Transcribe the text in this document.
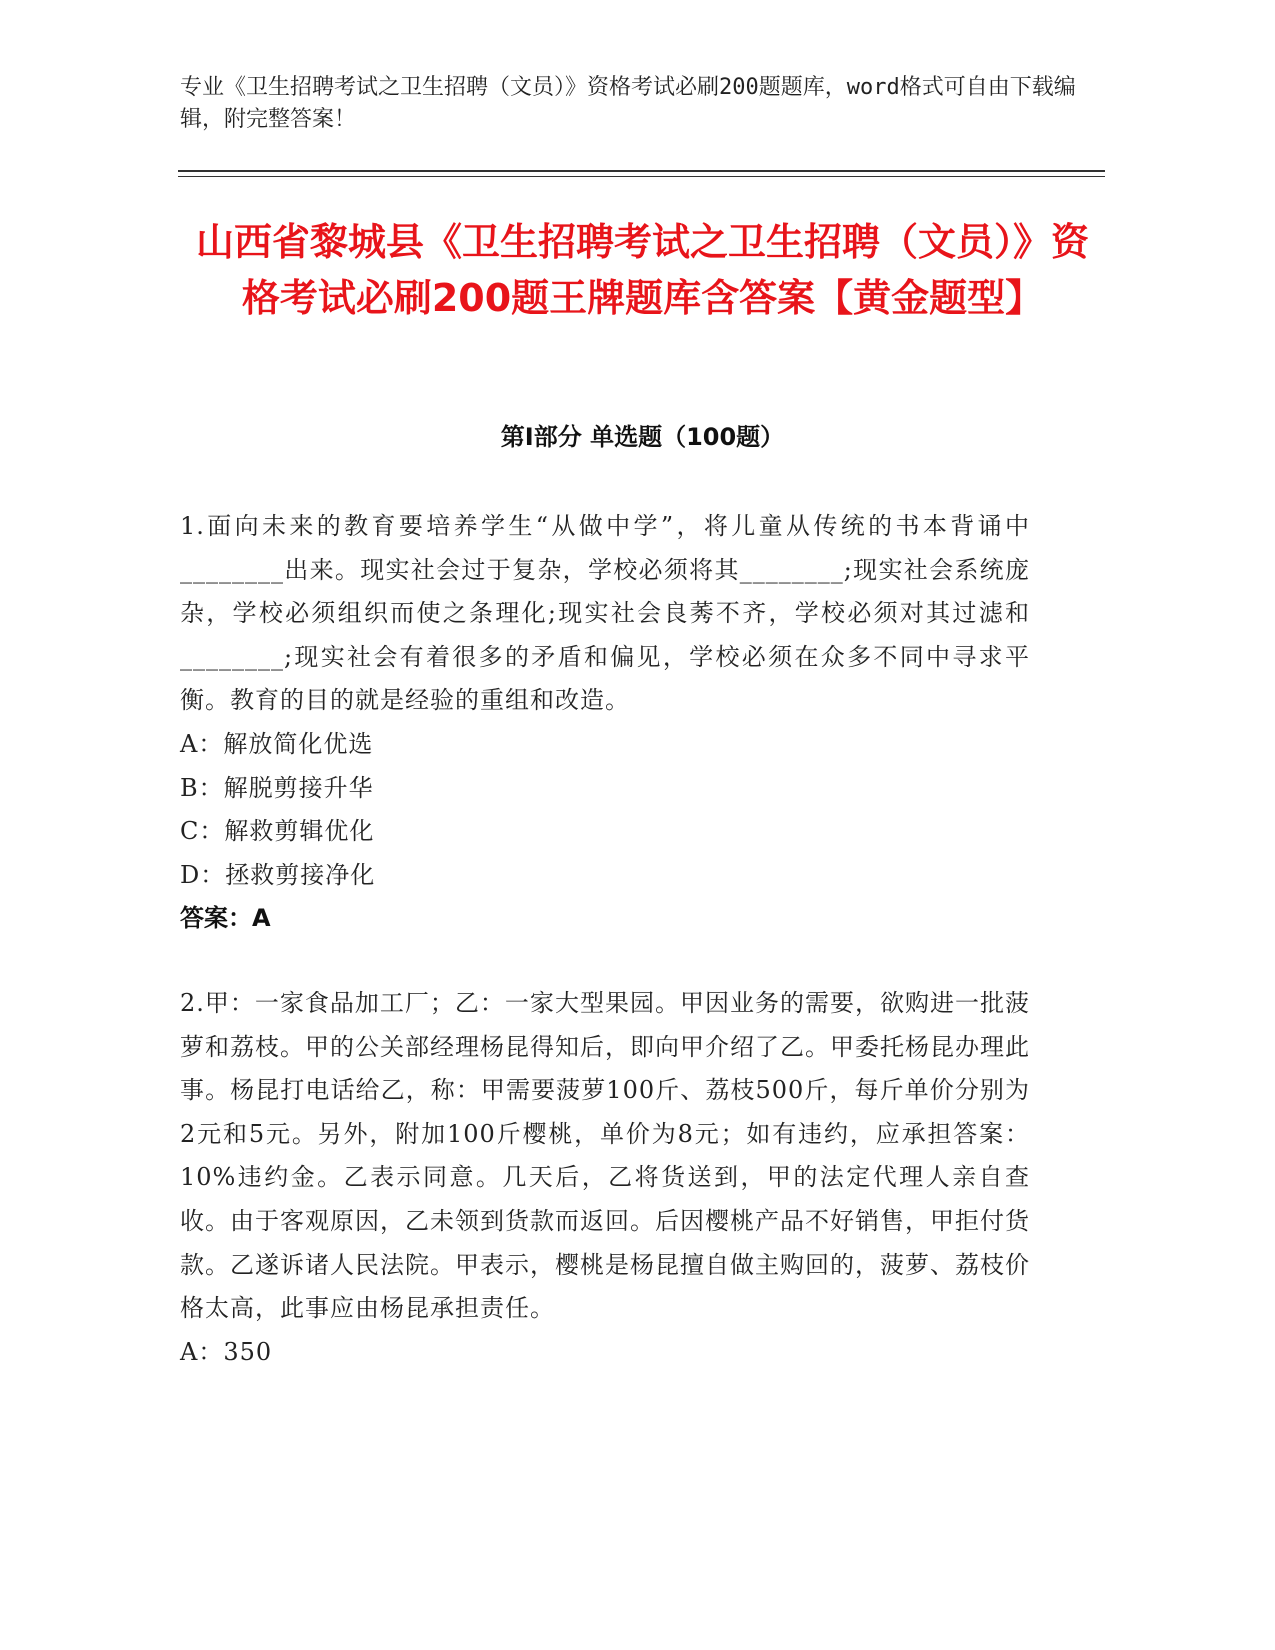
专业《卫生招聘考试之卫生招聘（文员）》资格考试必刷200题题库，word格式可自由下载编辑，附完整答案！
山西省黎城县《卫生招聘考试之卫生招聘（文员）》资格考试必刷200题王牌题库含答案【黄金题型】
第Ⅰ部分 单选题（100题）
1.面向未来的教育要培养学生“从做中学”，将儿童从传统的书本背诵中________出来。现实社会过于复杂，学校必须将其________;现实社会系统庞杂，学校必须组织而使之条理化;现实社会良莠不齐，学校必须对其过滤和________;现实社会有着很多的矛盾和偏见，学校必须在众多不同中寻求平衡。教育的目的就是经验的重组和改造。
A：解放简化优选
B：解脱剪接升华
C：解救剪辑优化
D：拯救剪接净化
答案：A
2.甲：一家食品加工厂；乙：一家大型果园。甲因业务的需要，欲购进一批菠萝和荔枝。甲的公关部经理杨昆得知后，即向甲介绍了乙。甲委托杨昆办理此事。杨昆打电话给乙，称：甲需要菠萝100斤、荔枝500斤，每斤单价分别为2元和5元。另外，附加100斤樱桃，单价为8元；如有违约，应承担答案：10%违约金。乙表示同意。几天后，乙将货送到，甲的法定代理人亲自查收。由于客观原因，乙未领到货款而返回。后因樱桃产品不好销售，甲拒付货款。乙遂诉诸人民法院。甲表示，樱桃是杨昆擅自做主购回的，菠萝、荔枝价格太高，此事应由杨昆承担责任。
A：350
